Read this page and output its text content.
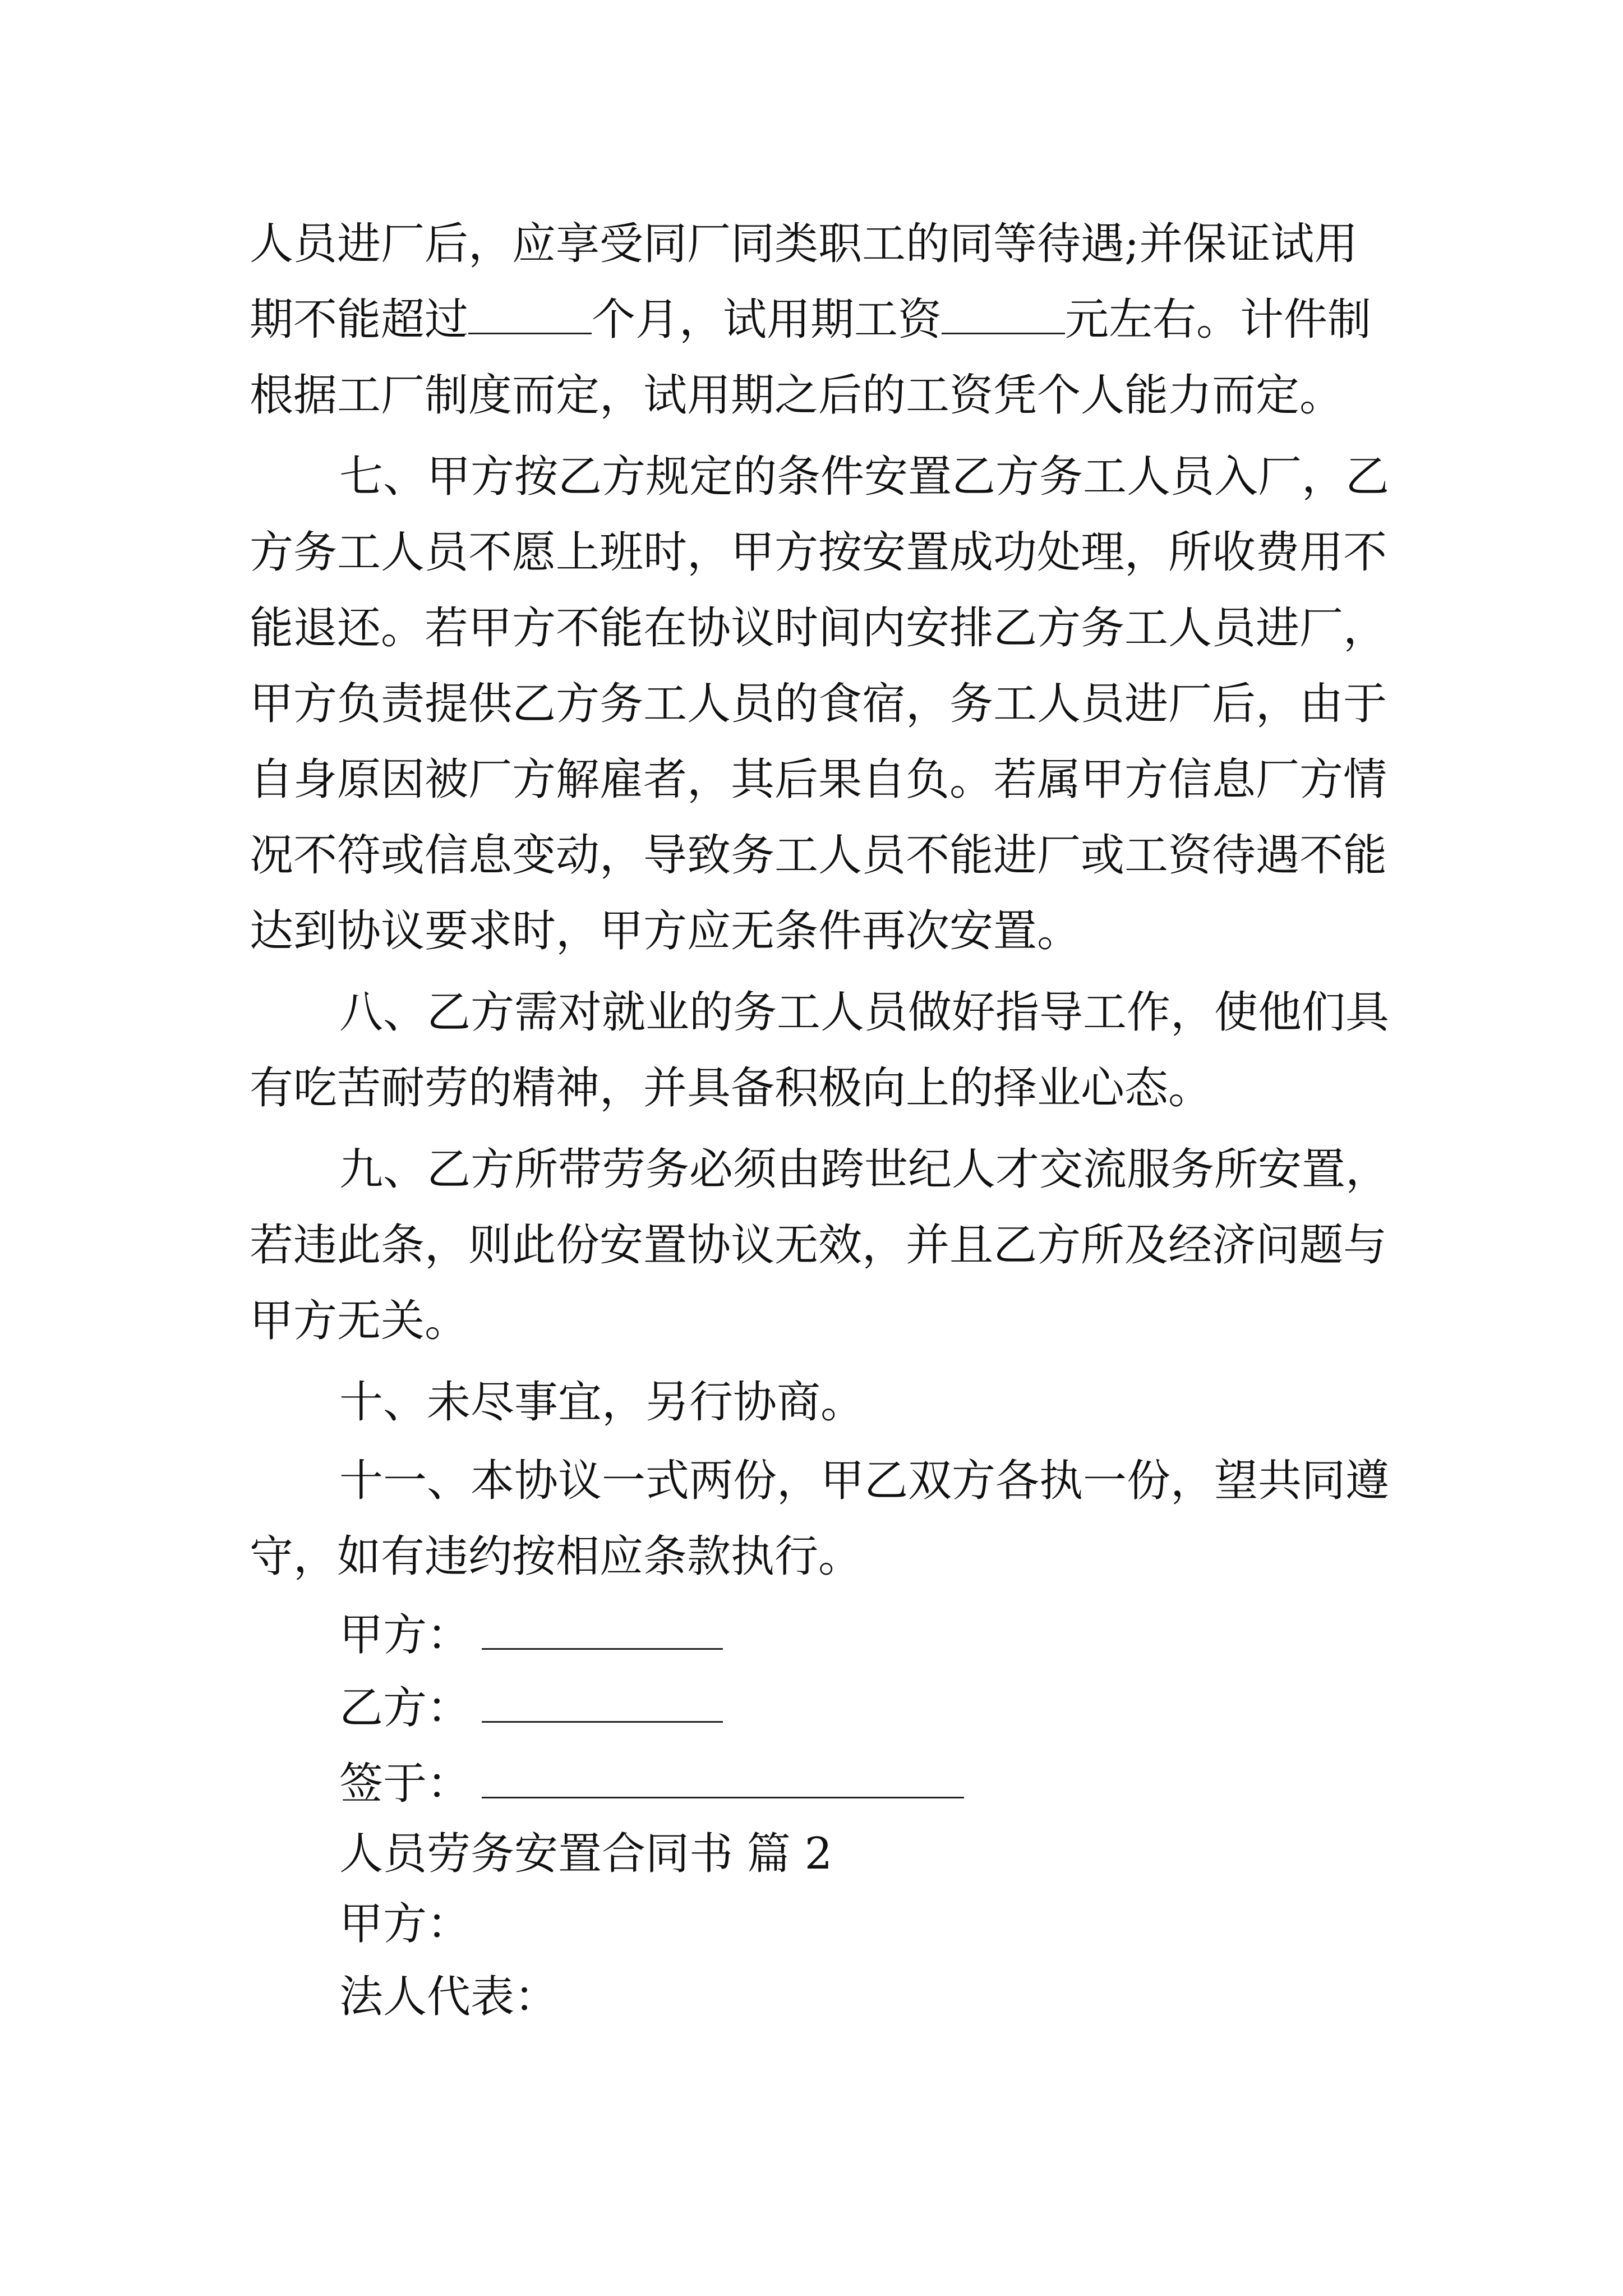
人员进厂后，应享受同厂同类职工的同等待遇;并保证试用
期不能超过	个月，试用期工资	元左右。计件制
根据工厂制度而定，试用期之后的工资凭个人能力而定。
七、甲方按乙方规定的条件安置乙方务工人员入厂，乙
方务工人员不愿上班时，甲方按安置成功处理，所收费用不
能退还。若甲方不能在协议时间内安排乙方务工人员进厂，
甲方负责提供乙方务工人员的食宿，务工人员进厂后，由于
自身原因被厂方解雇者，其后果自负。若属甲方信息厂方情
况不符或信息变动，导致务工人员不能进厂或工资待遇不能
达到协议要求时，甲方应无条件再次安置。
八、乙方需对就业的务工人员做好指导工作，使他们具
有吃苦耐劳的精神，并具备积极向上的择业心态。
九、乙方所带劳务必须由跨世纪人才交流服务所安置，
若违此条，则此份安置协议无效，并且乙方所及经济问题与
甲方无关。
十、未尽事宜，另行协商。
十一、本协议一式两份，甲乙双方各执一份，望共同遵
守，如有违约按相应条款执行。
甲方：
乙方：
签于：
人员劳务安置合同书 篇 2
甲方：
法人代表：
